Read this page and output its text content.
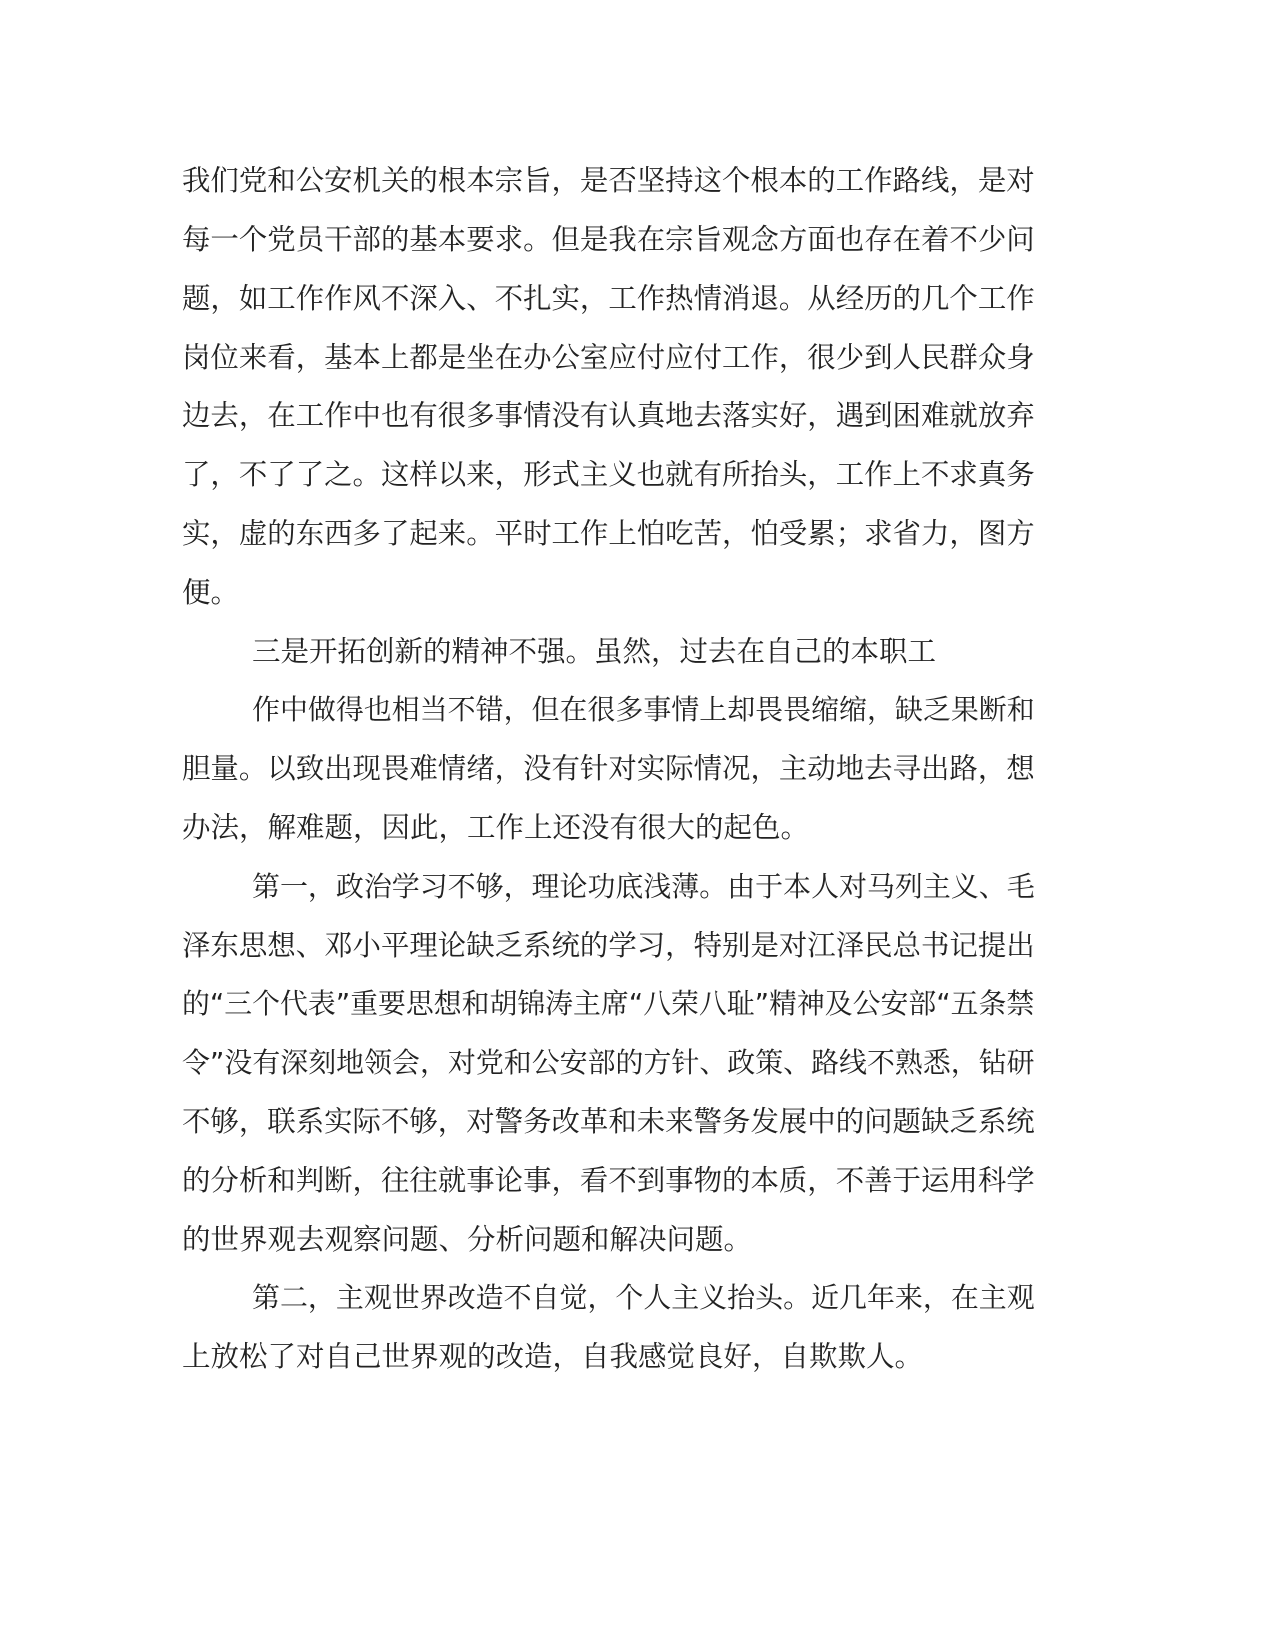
我们党和公安机关的根本宗旨，是否坚持这个根本的工作路线，是对

每一个党员干部的基本要求。但是我在宗旨观念方面也存在着不少问

题，如工作作风不深入、不扎实，工作热情消退。从经历的几个工作

岗位来看，基本上都是坐在办公室应付应付工作，很少到人民群众身

边去，在工作中也有很多事情没有认真地去落实好，遇到困难就放弃

了，不了了之。这样以来，形式主义也就有所抬头，工作上不求真务

实，虚的东西多了起来。平时工作上怕吃苦，怕受累；求省力，图方

便。

三是开拓创新的精神不强。虽然，过去在自己的本职工

作中做得也相当不错，但在很多事情上却畏畏缩缩，缺乏果断和

胆量。以致出现畏难情绪，没有针对实际情况，主动地去寻出路，想

办法，解难题，因此，工作上还没有很大的起色。

第一，政治学习不够，理论功底浅薄。由于本人对马列主义、毛

泽东思想、邓小平理论缺乏系统的学习，特别是对江泽民总书记提出

的“三个代表”重要思想和胡锦涛主席“八荣八耻”精神及公安部“五条禁

令”没有深刻地领会，对党和公安部的方针、政策、路线不熟悉，钻研

不够，联系实际不够，对警务改革和未来警务发展中的问题缺乏系统

的分析和判断，往往就事论事，看不到事物的本质，不善于运用科学

的世界观去观察问题、分析问题和解决问题。

第二，主观世界改造不自觉，个人主义抬头。近几年来，在主观

上放松了对自己世界观的改造，自我感觉良好，自欺欺人。
